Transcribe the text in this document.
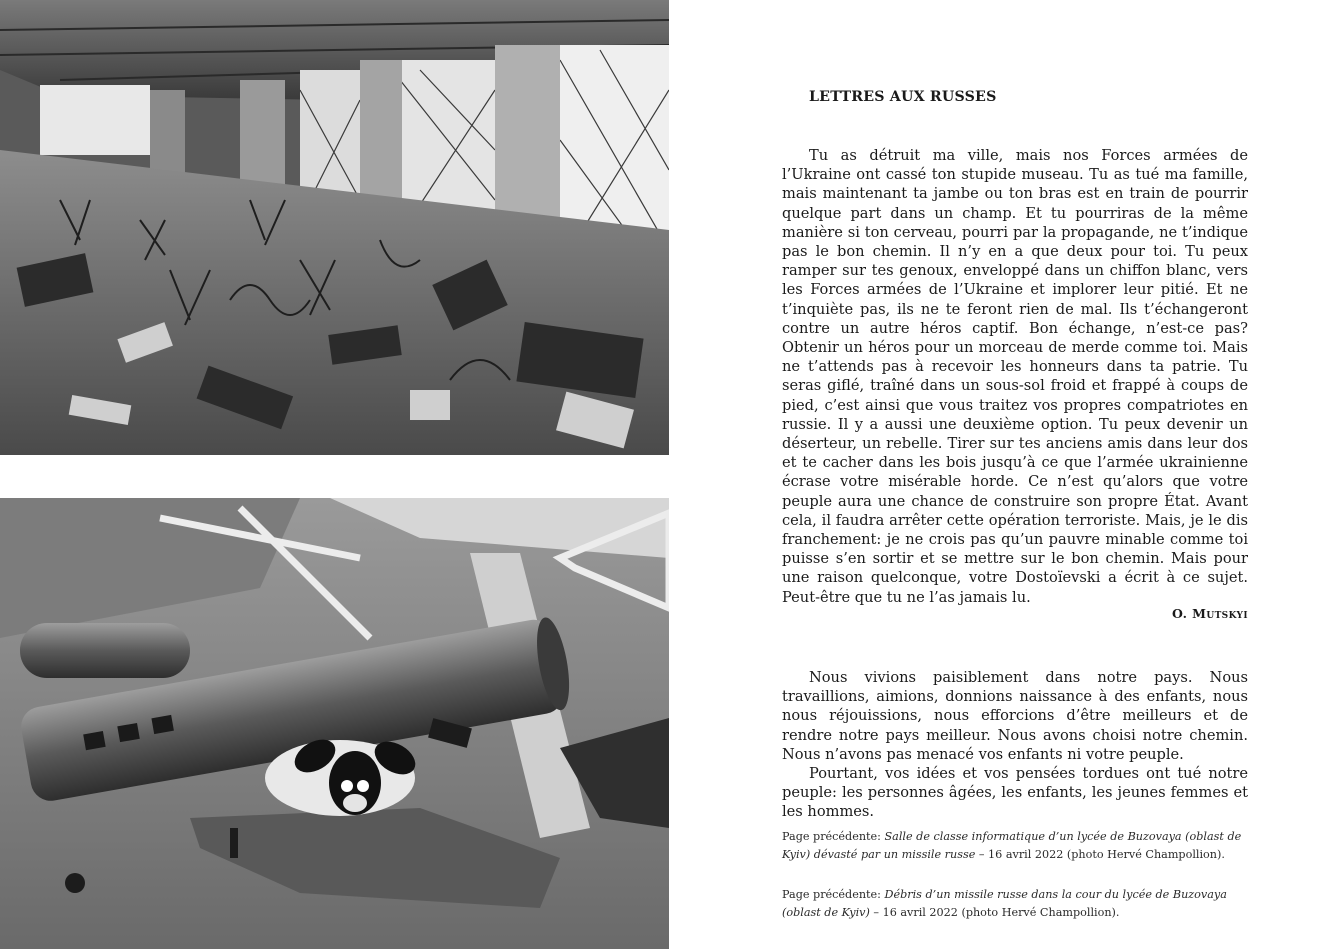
LETTRES AUX RUSSES

Tu as détruit ma ville, mais nos Forces armées de l’Ukraine ont cassé ton stupide museau. Tu as tué ma famille, mais maintenant ta jambe ou ton bras est en train de pourrir quelque part dans un champ. Et tu pourriras de la même manière si ton cerveau, pourri par la propagande, ne t’indique pas le bon chemin. Il n’y en a que deux pour toi. Tu peux ramper sur tes genoux, enveloppé dans un chiffon blanc, vers les Forces armées de l’Ukraine et implorer leur pitié. Et ne t’inquiète pas, ils ne te feront rien de mal. Ils t’échangeront contre un autre héros captif. Bon échange, n’est-ce pas? Obtenir un héros pour un morceau de merde comme toi. Mais ne t’attends pas à recevoir les honneurs dans ta patrie. Tu seras giflé, traîné dans un sous-sol froid et frappé à coups de pied, c’est ainsi que vous traitez vos propres compatriotes en russie. Il y a aussi une deuxième option. Tu peux devenir un déserteur, un rebelle. Tirer sur tes anciens amis dans leur dos et te cacher dans les bois jusqu’à ce que l’armée ukrainienne écrase votre misérable horde. Ce n’est qu’alors que votre peuple aura une chance de construire son propre État. Avant cela, il faudra arrêter cette opération terroriste. Mais, je le dis franchement: je ne crois pas qu’un pauvre minable comme toi puisse s’en sortir et se mettre sur le bon chemin. Mais pour une raison quelconque, votre Dostoïevski a écrit à ce sujet. Peut-être que tu ne l’as jamais lu.

O. Mutskyi

Nous vivions paisiblement dans notre pays. Nous travaillions, aimions, donnions naissance à des enfants, nous nous réjouissions, nous efforcions d’être meilleurs et de rendre notre pays meilleur. Nous avons choisi notre chemin. Nous n’avons pas menacé vos enfants ni votre peuple.

Pourtant, vos idées et vos pensées tordues ont tué notre peuple: les personnes âgées, les enfants, les jeunes femmes et les hommes.

Page précédente: Salle de classe informatique d’un lycée de Buzovaya (oblast de Kyiv) dévasté par un missile russe – 16 avril 2022 (photo Hervé Champollion).

Page précédente: Débris d’un missile russe dans la cour du lycée de Buzovaya (oblast de Kyiv) – 16 avril 2022 (photo Hervé Champollion).
